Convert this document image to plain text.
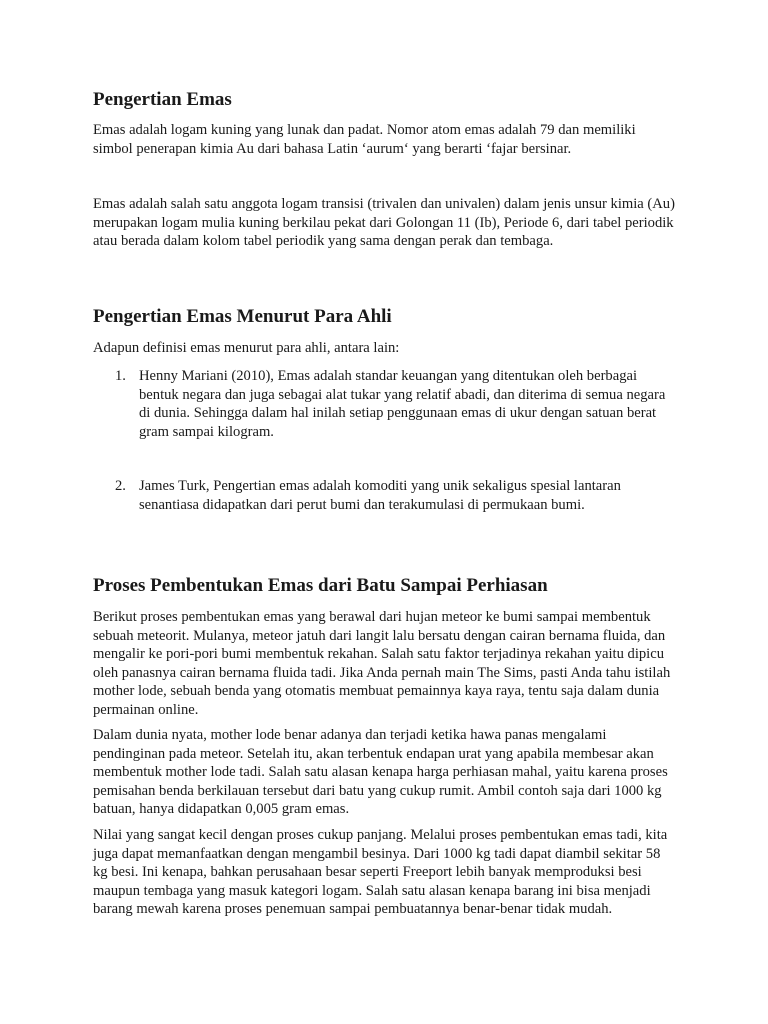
Pengertian Emas

Emas adalah logam kuning yang lunak dan padat. Nomor atom emas adalah 79 dan memiliki simbol penerapan kimia Au dari bahasa Latin ‘aurum‘ yang berarti ‘fajar bersinar.

Emas adalah salah satu anggota logam transisi (trivalen dan univalen) dalam jenis unsur kimia (Au) merupakan logam mulia kuning berkilau pekat dari Golongan 11 (Ib), Periode 6, dari tabel periodik atau berada dalam kolom tabel periodik yang sama dengan perak dan tembaga.

Pengertian Emas Menurut Para Ahli

Adapun definisi emas menurut para ahli, antara lain:

1. Henny Mariani (2010), Emas adalah standar keuangan yang ditentukan oleh berbagai bentuk negara dan juga sebagai alat tukar yang relatif abadi, dan diterima di semua negara di dunia. Sehingga dalam hal inilah setiap penggunaan emas di ukur dengan satuan berat gram sampai kilogram.
2. James Turk, Pengertian emas adalah komoditi yang unik sekaligus spesial lantaran senantiasa didapatkan dari perut bumi dan terakumulasi di permukaan bumi.
Proses Pembentukan Emas dari Batu Sampai Perhiasan

Berikut proses pembentukan emas yang berawal dari hujan meteor ke bumi sampai membentuk sebuah meteorit. Mulanya, meteor jatuh dari langit lalu bersatu dengan cairan bernama fluida, dan mengalir ke pori-pori bumi membentuk rekahan. Salah satu faktor terjadinya rekahan yaitu dipicu oleh panasnya cairan bernama fluida tadi. Jika Anda pernah main The Sims, pasti Anda tahu istilah mother lode, sebuah benda yang otomatis membuat pemainnya kaya raya, tentu saja dalam dunia permainan online.

Dalam dunia nyata, mother lode benar adanya dan terjadi ketika hawa panas mengalami pendinginan pada meteor. Setelah itu, akan terbentuk endapan urat yang apabila membesar akan membentuk mother lode tadi. Salah satu alasan kenapa harga perhiasan mahal, yaitu karena proses pemisahan benda berkilauan tersebut dari batu yang cukup rumit. Ambil contoh saja dari 1000 kg batuan, hanya didapatkan 0,005 gram emas.

Nilai yang sangat kecil dengan proses cukup panjang. Melalui proses pembentukan emas tadi, kita juga dapat memanfaatkan dengan mengambil besinya. Dari 1000 kg tadi dapat diambil sekitar 58 kg besi. Ini kenapa, bahkan perusahaan besar seperti Freeport lebih banyak memproduksi besi maupun tembaga yang masuk kategori logam. Salah satu alasan kenapa barang ini bisa menjadi barang mewah karena proses penemuan sampai pembuatannya benar-benar tidak mudah.
